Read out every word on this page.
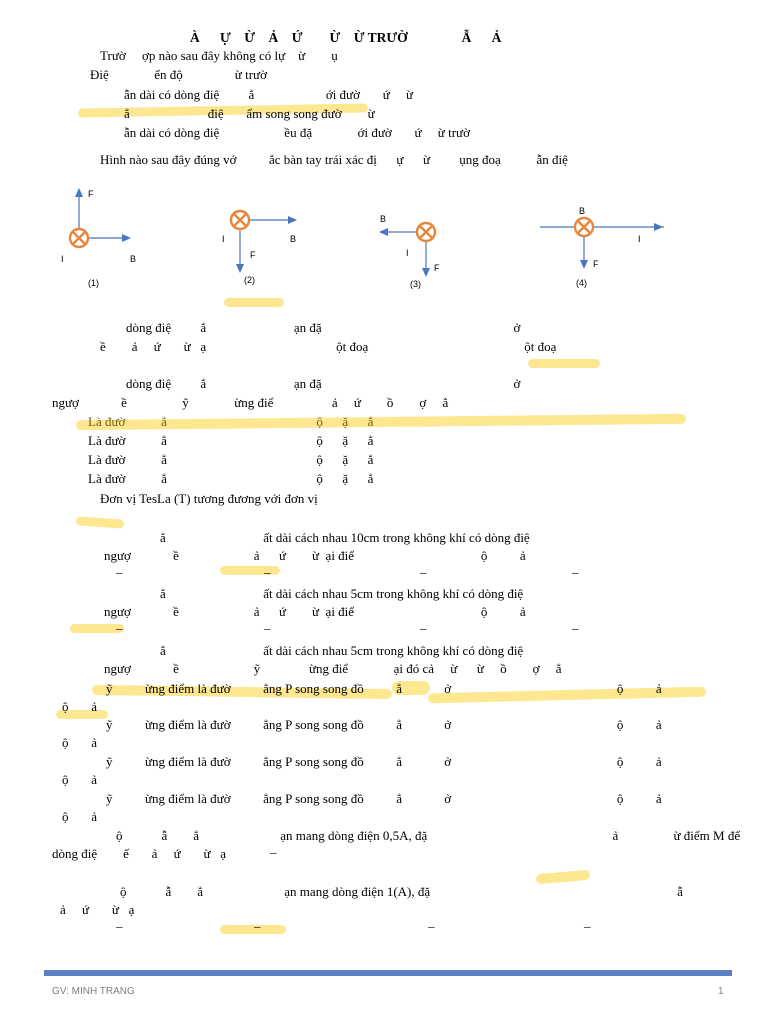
À      Ự    Ừ    Ả    Ứ        Ừ    Ừ TRƯỜ                Ẫ      Ả
Trườ     ợp nào sau đây không có lự    ừ        ụ
Điệ              ến độ                ừ trườ
ẫn dài có dòng điệ         ẳ                      ới đườ       ứ     ừ
ẳ                        điệ       ẩm song song đườ        ừ
ẫn dài có dòng điệ                    ều đặ              ới đườ       ứ     ừ trườ
Hình nào sau đây đúng vớ          ắc bàn tay trái xác đị      ự      ừ         ụng đoạ           ẫn điệ
F
I	B
(1)
I	B
F
(2)
B
I
F
(3)
B
I
F
(4)
dòng điệ         ẳ                           ạn đặ                                                           ở
ề        ả     ứ       ừ   ạ                                        ột đoạ                                                ột đoạ
dòng điệ         ẳ                           ạn đặ                                                           ở
ngượ             ề                 ỹ              ừng điể                  ả     ứ        ồ        ợ     ẳ
Là đườ           ẳ                                              ộ      ặ      ẳ
Là đườ           ẳ                                              ộ      ặ      ẳ
Là đườ           ẳ                                              ộ      ặ      ẳ
Là đườ           ẳ                                              ộ      ặ      ẳ
Đơn vị TesLa (T) tương đương với đơn vị
ẳ                              ất dài cách nhau 10cm trong không khí có dòng điệ
ngượ             ề                       ả      ứ        ừ  ại điể                                       ộ          ả
_	_	_	_
ẳ                              ất dài cách nhau 5cm trong không khí có dòng điệ
ngượ             ề                       ả      ứ        ừ  ại điể                                       ộ          ả
_	_	_	_
ẳ                              ất dài cách nhau 5cm trong không khí có dòng điệ
ngượ             ề                       ỹ               ừng điể              ại đó cả     ừ      ừ     ồ        ợ     ẳ
ỹ          ừng điểm là đườ          ẳng P song song đồ          ẳ             ở                                                   ộ          ả
ộ       ả
ỹ          ừng điểm là đườ          ẳng P song song đồ          ẳ             ở                                                   ộ          ả
ộ       ả
ỹ          ừng điểm là đườ          ẳng P song song đồ          ẳ             ở                                                   ộ          ả
ộ       ả
ỹ          ừng điểm là đườ          ẳng P song song đồ          ẳ             ở                                                   ộ          ả
ộ       ả
ộ            ẫ        ẳ                         ạn mang dòng điện 0,5A, đặ                                                         ả                 ừ điểm M để
dòng điệ        ế       ả     ứ       ừ   ạ	_
ộ            ẫ        ẳ                         ạn mang dòng điện 1(A), đặ                                                                            ẫ
ả     ứ       ừ   ạ
_	_	_	_
GV: MINH TRANG	1
